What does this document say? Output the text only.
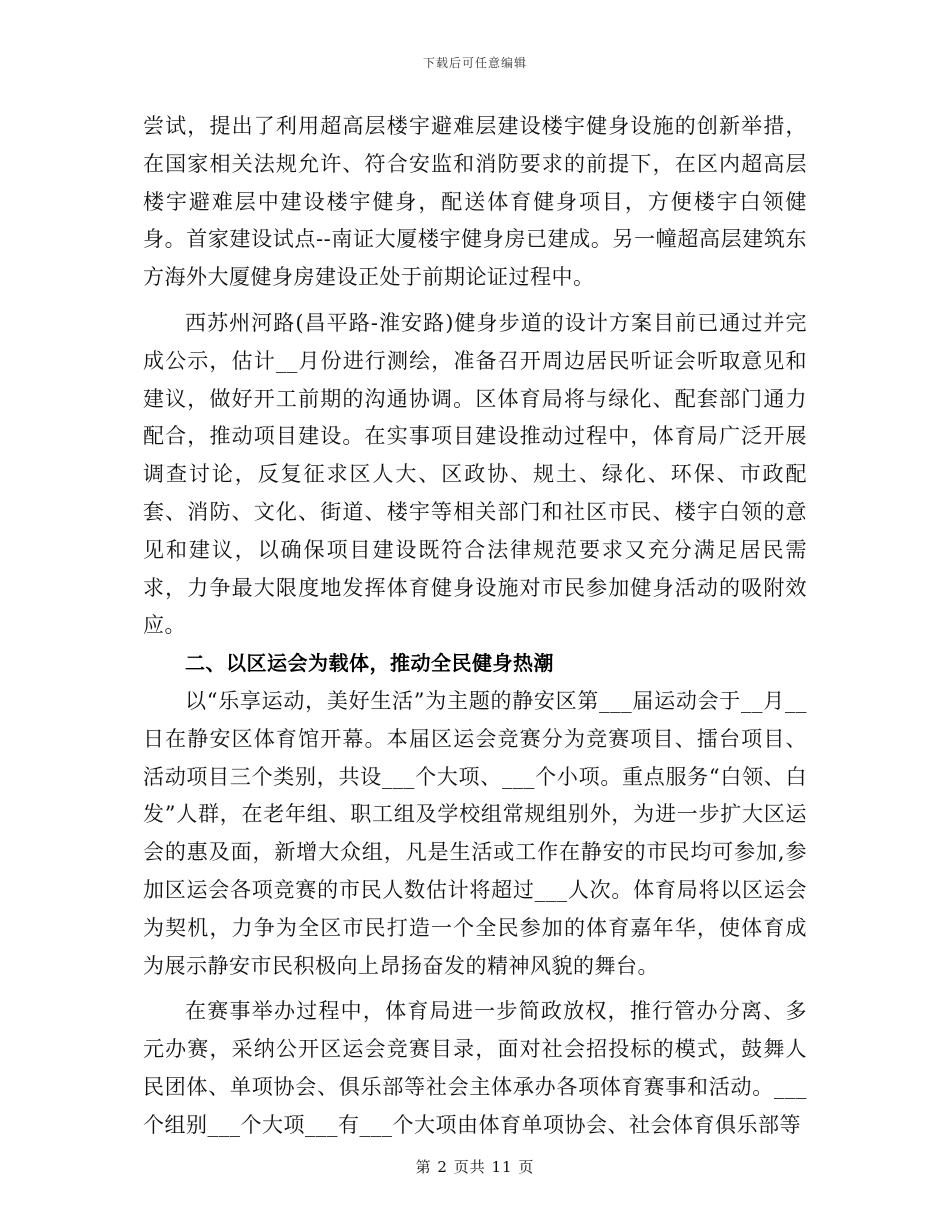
下载后可任意编辑

尝试，提出了利用超高层楼宇避难层建设楼宇健身设施的创新举措，在国家相关法规允许、符合安监和消防要求的前提下，在区内超高层楼宇避难层中建设楼宇健身，配送体育健身项目，方便楼宇白领健身。首家建设试点--南证大厦楼宇健身房已建成。另一幢超高层建筑东方海外大厦健身房建设正处于前期论证过程中。

西苏州河路(昌平路-淮安路)健身步道的设计方案目前已通过并完成公示，估计__月份进行测绘，准备召开周边居民听证会听取意见和建议，做好开工前期的沟通协调。区体育局将与绿化、配套部门通力配合，推动项目建设。在实事项目建设推动过程中，体育局广泛开展调查讨论，反复征求区人大、区政协、规土、绿化、环保、市政配套、消防、文化、街道、楼宇等相关部门和社区市民、楼宇白领的意见和建议，以确保项目建设既符合法律规范要求又充分满足居民需求，力争最大限度地发挥体育健身设施对市民参加健身活动的吸附效应。

二、以区运会为载体，推动全民健身热潮

以“乐享运动，美好生活”为主题的静安区第___届运动会于__月__日在静安区体育馆开幕。本届区运会竞赛分为竞赛项目、擂台项目、活动项目三个类别，共设___个大项、___个小项。重点服务“白领、白发”人群，在老年组、职工组及学校组常规组别外，为进一步扩大区运会的惠及面，新增大众组，凡是生活或工作在静安的市民均可参加,参加区运会各项竞赛的市民人数估计将超过___人次。体育局将以区运会为契机，力争为全区市民打造一个全民参加的体育嘉年华，使体育成为展示静安市民积极向上昂扬奋发的精神风貌的舞台。

在赛事举办过程中，体育局进一步简政放权，推行管办分离、多元办赛，采纳公开区运会竞赛目录，面对社会招投标的模式，鼓舞人民团体、单项协会、俱乐部等社会主体承办各项体育赛事和活动。___个组别___个大项___有___个大项由体育单项协会、社会体育俱乐部等

第 2 页共 11 页
